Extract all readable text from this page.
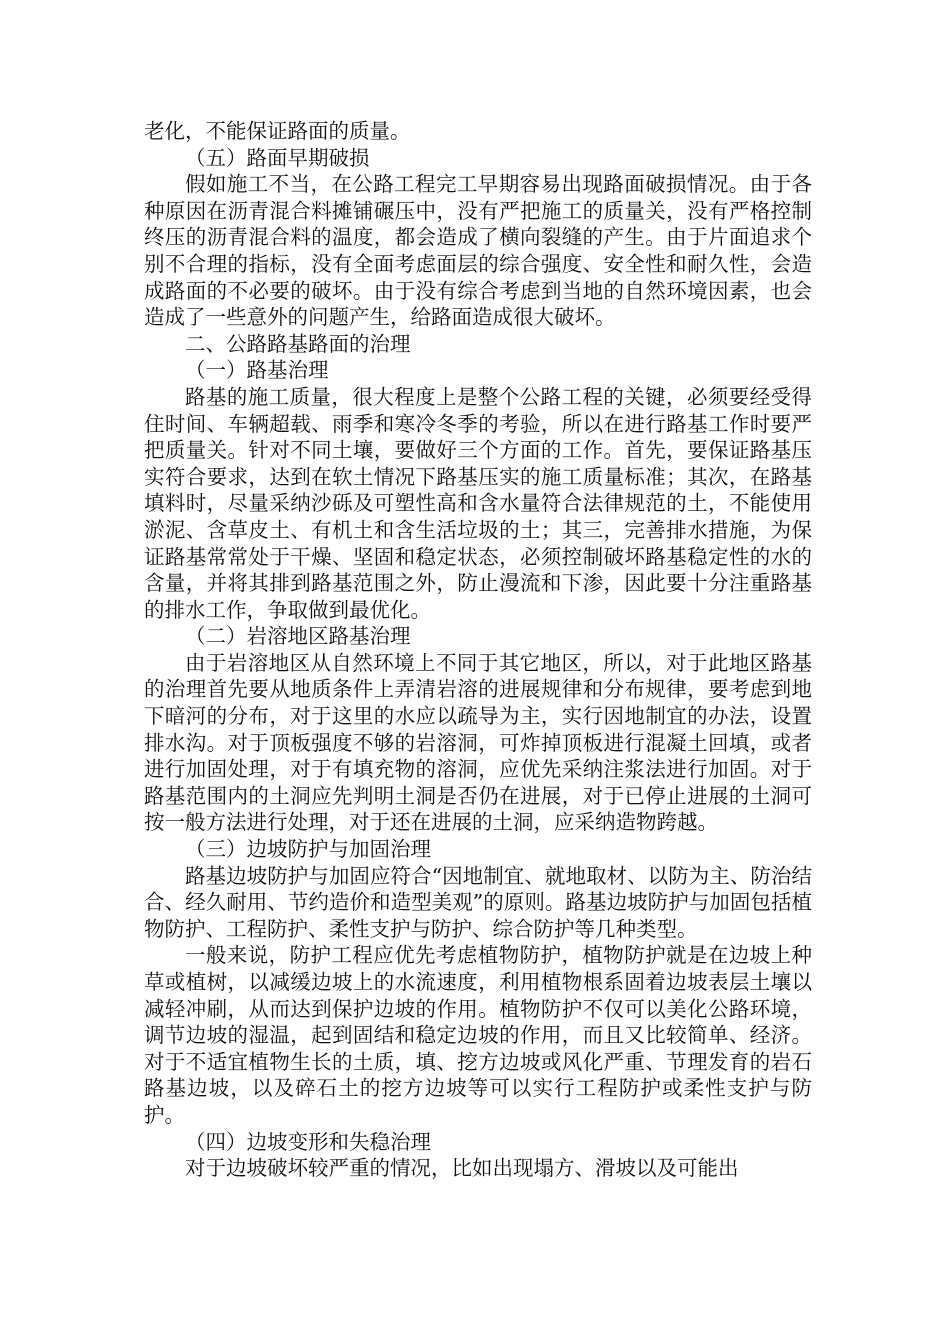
老化，不能保证路面的质量。

（五）路面早期破损

假如施工不当，在公路工程完工早期容易出现路面破损情况。由于各种原因在沥青混合料摊铺碾压中，没有严把施工的质量关，没有严格控制终压的沥青混合料的温度，都会造成了横向裂缝的产生。由于片面追求个别不合理的指标，没有全面考虑面层的综合强度、安全性和耐久性，会造成路面的不必要的破坏。由于没有综合考虑到当地的自然环境因素，也会造成了一些意外的问题产生，给路面造成很大破坏。

二、公路路基路面的治理

（一）路基治理

路基的施工质量，很大程度上是整个公路工程的关键，必须要经受得住时间、车辆超载、雨季和寒冷冬季的考验，所以在进行路基工作时要严把质量关。针对不同土壤，要做好三个方面的工作。首先，要保证路基压实符合要求，达到在软土情况下路基压实的施工质量标准；其次，在路基填料时，尽量采纳沙砾及可塑性高和含水量符合法律规范的土，不能使用淤泥、含草皮土、有机土和含生活垃圾的土；其三，完善排水措施，为保证路基常常处于干燥、坚固和稳定状态，必须控制破坏路基稳定性的水的含量，并将其排到路基范围之外，防止漫流和下渗，因此要十分注重路基的排水工作，争取做到最优化。

（二）岩溶地区路基治理

由于岩溶地区从自然环境上不同于其它地区，所以，对于此地区路基的治理首先要从地质条件上弄清岩溶的进展规律和分布规律，要考虑到地下暗河的分布，对于这里的水应以疏导为主，实行因地制宜的办法，设置排水沟。对于顶板强度不够的岩溶洞，可炸掉顶板进行混凝土回填，或者进行加固处理，对于有填充物的溶洞，应优先采纳注浆法进行加固。对于路基范围内的土洞应先判明土洞是否仍在进展，对于已停止进展的土洞可按一般方法进行处理，对于还在进展的土洞，应采纳造物跨越。

（三）边坡防护与加固治理

路基边坡防护与加固应符合“因地制宜、就地取材、以防为主、防治结合、经久耐用、节约造价和造型美观”的原则。路基边坡防护与加固包括植物防护、工程防护、柔性支护与防护、综合防护等几种类型。

一般来说，防护工程应优先考虑植物防护，植物防护就是在边坡上种草或植树，以减缓边坡上的水流速度，利用植物根系固着边坡表层土壤以减轻冲刷，从而达到保护边坡的作用。植物防护不仅可以美化公路环境，调节边坡的湿温，起到固结和稳定边坡的作用，而且又比较简单、经济。对于不适宜植物生长的土质，填、挖方边坡或风化严重、节理发育的岩石路基边坡，以及碎石土的挖方边坡等可以实行工程防护或柔性支护与防护。

（四）边坡变形和失稳治理

对于边坡破坏较严重的情况，比如出现塌方、滑坡以及可能出
